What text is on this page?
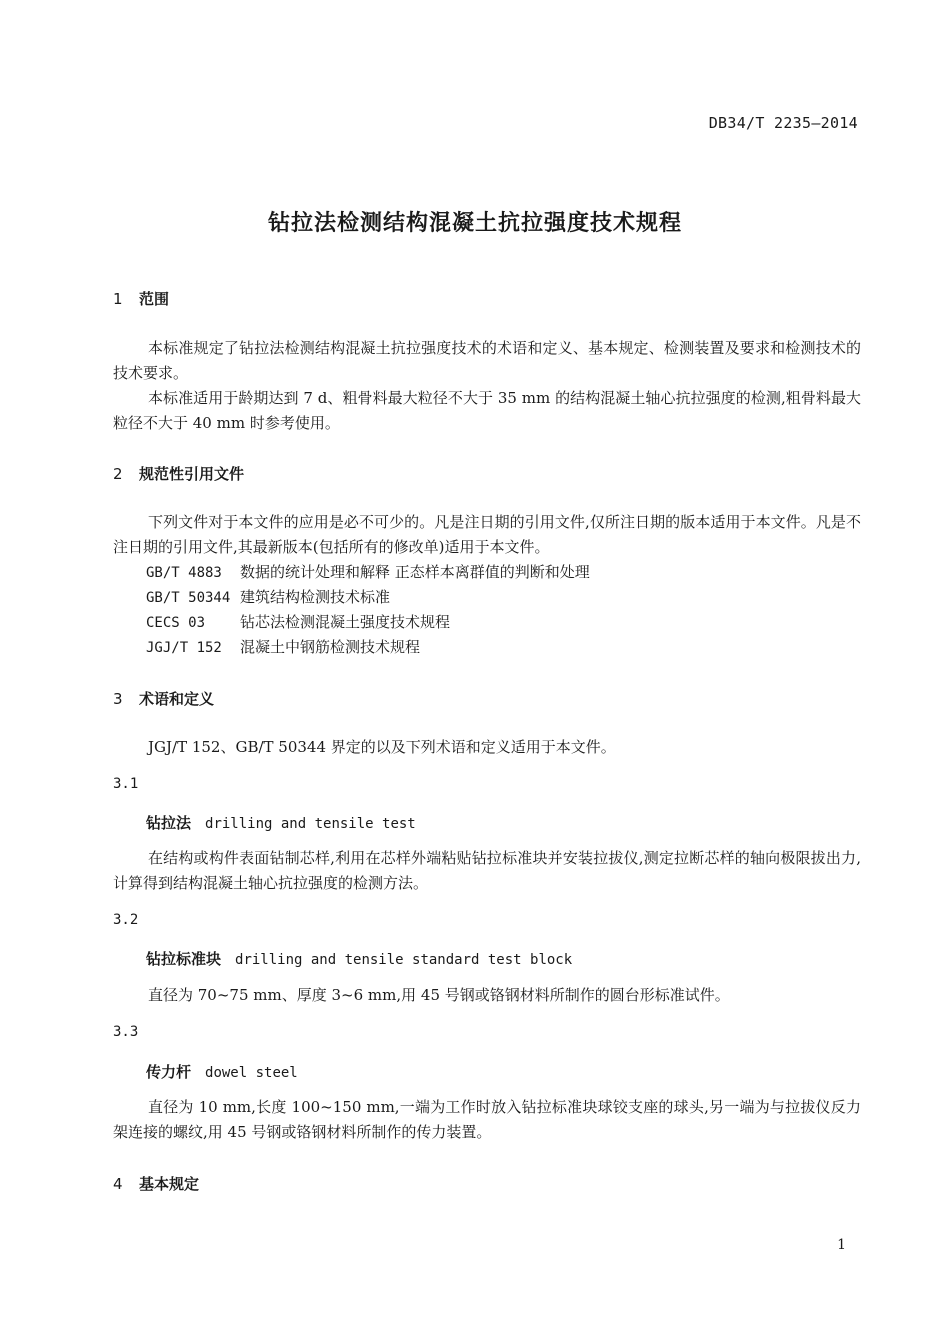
DB34/T 2235—2014
钻拉法检测结构混凝土抗拉强度技术规程
1 范围
本标准规定了钻拉法检测结构混凝土抗拉强度技术的术语和定义、基本规定、检测装置及要求和检测技术的技术要求。
本标准适用于龄期达到 7 d、粗骨料最大粒径不大于 35 mm 的结构混凝土轴心抗拉强度的检测,粗骨料最大粒径不大于 40 mm 时参考使用。
2 规范性引用文件
下列文件对于本文件的应用是必不可少的。凡是注日期的引用文件,仅所注日期的版本适用于本文件。凡是不注日期的引用文件,其最新版本(包括所有的修改单)适用于本文件。
GB/T 4883 数据的统计处理和解释 正态样本离群值的判断和处理
GB/T 50344 建筑结构检测技术标准
CECS 03 钻芯法检测混凝土强度技术规程
JGJ/T 152 混凝土中钢筋检测技术规程
3 术语和定义
JGJ/T 152、GB/T 50344 界定的以及下列术语和定义适用于本文件。
3.1
钻拉法 drilling and tensile test
在结构或构件表面钻制芯样,利用在芯样外端粘贴钻拉标准块并安装拉拔仪,测定拉断芯样的轴向极限拔出力,计算得到结构混凝土轴心抗拉强度的检测方法。
3.2
钻拉标准块 drilling and tensile standard test block
直径为 70~75 mm、厚度 3~6 mm,用 45 号钢或铬钢材料所制作的圆台形标准试件。
3.3
传力杆 dowel steel
直径为 10 mm,长度 100~150 mm,一端为工作时放入钻拉标准块球铰支座的球头,另一端为与拉拔仪反力架连接的螺纹,用 45 号钢或铬钢材料所制作的传力装置。
4 基本规定
1
